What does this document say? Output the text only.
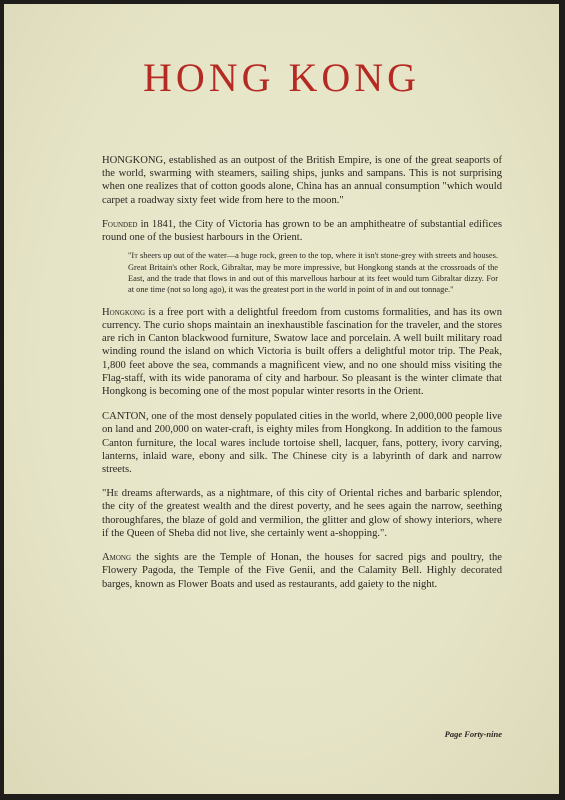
HONG KONG

HONGKONG, established as an outpost of the British Empire, is one of the great seaports of the world, swarming with steamers, sailing ships, junks and sampans. This is not surprising when one realizes that of cotton goods alone, China has an annual consumption "which would carpet a roadway sixty feet wide from here to the moon."

Founded in 1841, the City of Victoria has grown to be an amphitheatre of substantial edifices round one of the busiest harbours in the Orient.

"It sheers up out of the water—a huge rock, green to the top, where it isn't stone-grey with streets and houses. Great Britain's other Rock, Gibraltar, may be more impressive, but Hongkong stands at the crossroads of the East, and the trade that flows in and out of this marvellous harbour at its feet would turn Gibraltar dizzy. For at one time (not so long ago), it was the greatest port in the world in point of in and out tonnage."

Hongkong is a free port with a delightful freedom from customs formalities, and has its own currency. The curio shops maintain an inexhaustible fascination for the traveler, and the stores are rich in Canton blackwood furniture, Swatow lace and porcelain. A well built military road winding round the island on which Victoria is built offers a delightful motor trip. The Peak, 1,800 feet above the sea, commands a magnificent view, and no one should miss visiting the Flag-staff, with its wide panorama of city and harbour. So pleasant is the winter climate that Hongkong is becoming one of the most popular winter resorts in the Orient.

CANTON, one of the most densely populated cities in the world, where 2,000,000 people live on land and 200,000 on water-craft, is eighty miles from Hongkong. In addition to the famous Canton furniture, the local wares include tortoise shell, lacquer, fans, pottery, ivory carving, lanterns, inlaid ware, ebony and silk. The Chinese city is a labyrinth of dark and narrow streets.

"He dreams afterwards, as a nightmare, of this city of Oriental riches and barbaric splendor, the city of the greatest wealth and the direst poverty, and he sees again the narrow, seething thoroughfares, the blaze of gold and vermilion, the glitter and glow of showy interiors, where if the Queen of Sheba did not live, she certainly went a-shopping.".

Among the sights are the Temple of Honan, the houses for sacred pigs and poultry, the Flowery Pagoda, the Temple of the Five Genii, and the Calamity Bell. Highly decorated barges, known as Flower Boats and used as restaurants, add gaiety to the night.

Page Forty-nine
